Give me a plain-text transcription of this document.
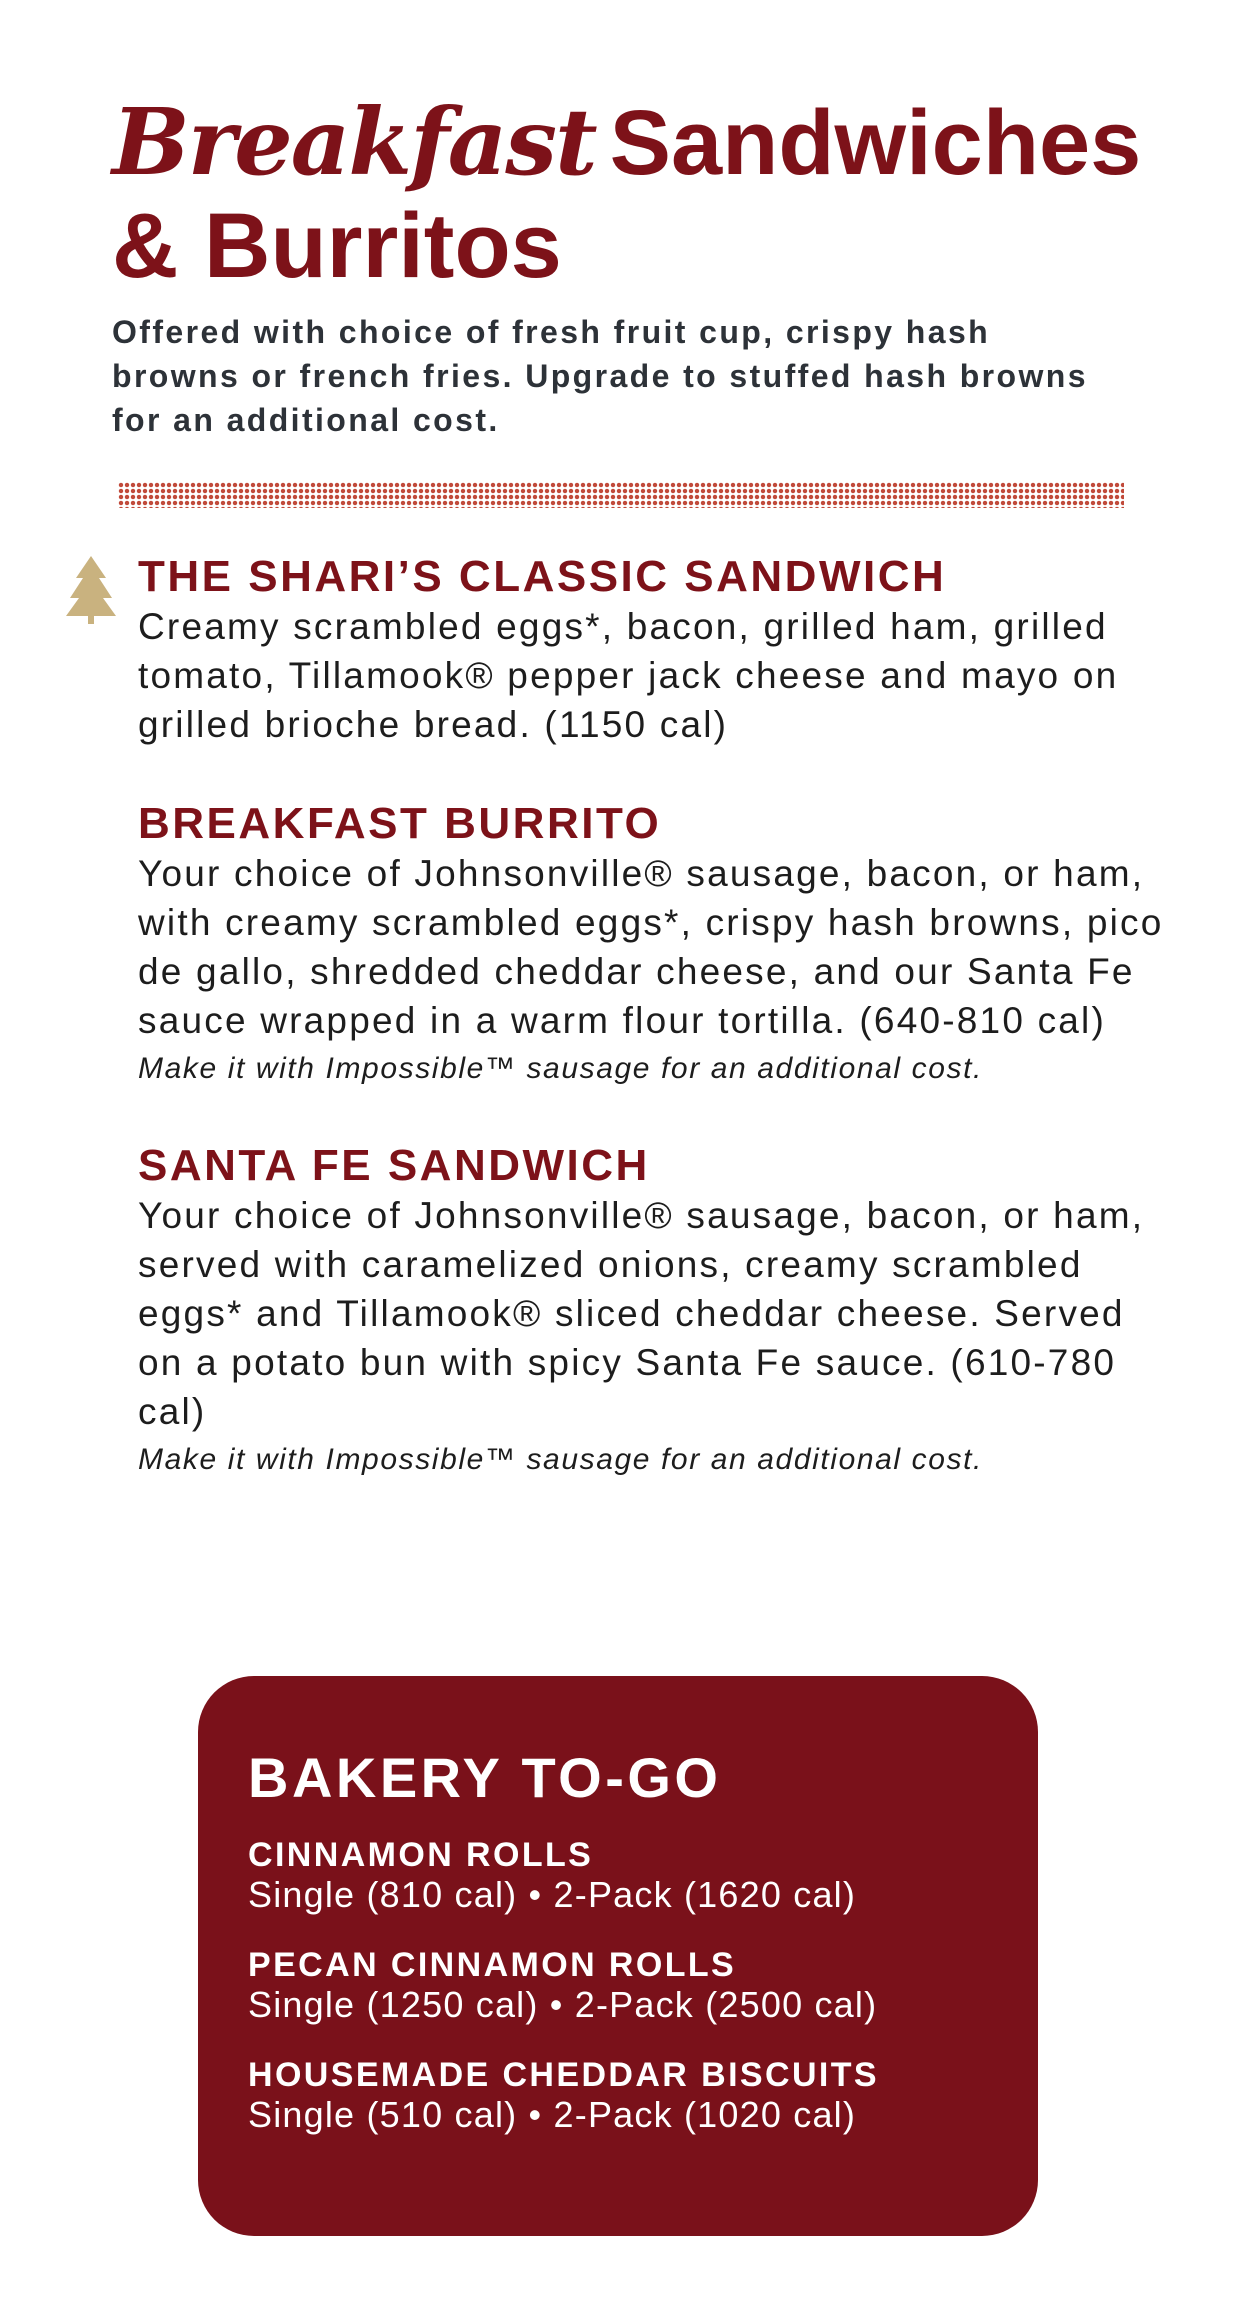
Breakfast Sandwiches
& Burritos
Offered with choice of fresh fruit cup, crispy hash browns or french fries. Upgrade to stuffed hash browns for an additional cost.
THE SHARI’S CLASSIC SANDWICH
Creamy scrambled eggs*, bacon, grilled ham, grilled tomato, Tillamook® pepper jack cheese and mayo on grilled brioche bread. (1150 cal)
BREAKFAST BURRITO
Your choice of Johnsonville® sausage, bacon, or ham, with creamy scrambled eggs*, crispy hash browns, pico de gallo, shredded cheddar cheese, and our Santa Fe sauce wrapped in a warm flour tortilla. (640-810 cal)
Make it with Impossible™ sausage for an additional cost.
SANTA FE SANDWICH
Your choice of Johnsonville® sausage, bacon, or ham, served with caramelized onions, creamy scrambled eggs* and Tillamook® sliced cheddar cheese. Served on a potato bun with spicy Santa Fe sauce. (610-780 cal)
Make it with Impossible™ sausage for an additional cost.
BAKERY TO-GO
CINNAMON ROLLS
Single (810 cal) • 2-Pack (1620 cal)
PECAN CINNAMON ROLLS
Single (1250 cal) • 2-Pack (2500 cal)
HOUSEMADE CHEDDAR BISCUITS
Single (510 cal) • 2-Pack (1020 cal)
